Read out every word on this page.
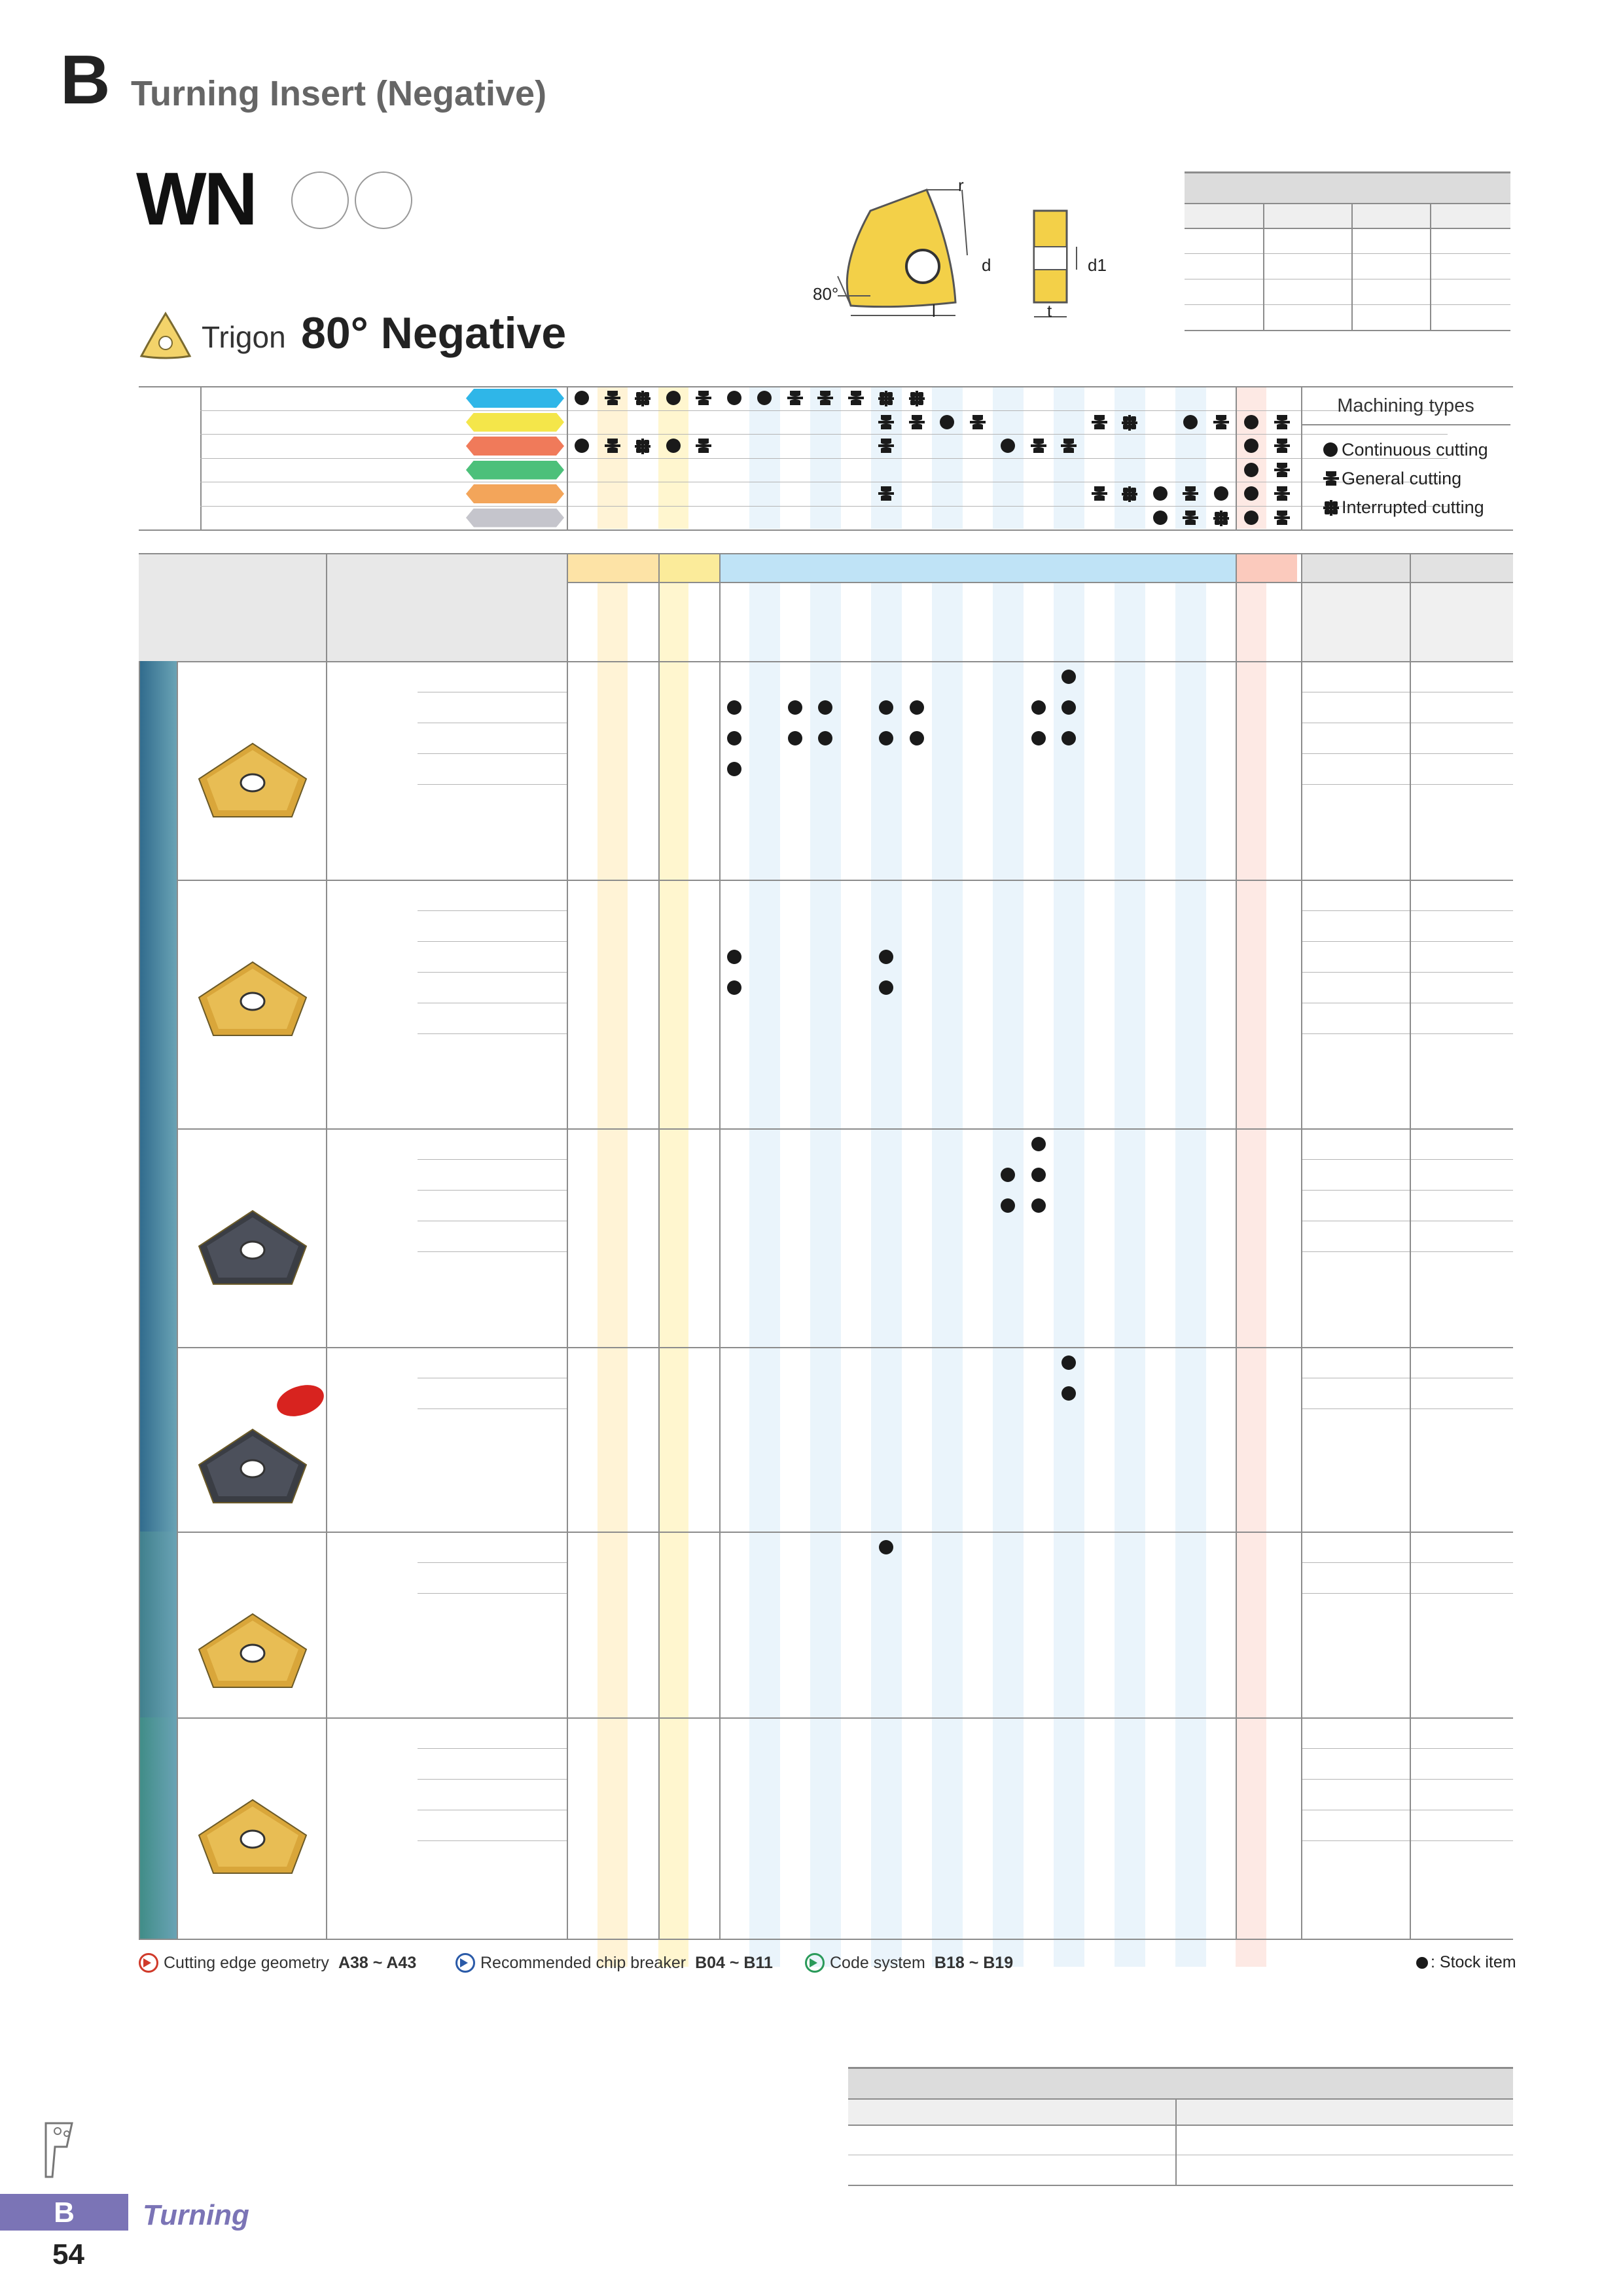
B Turning Insert (Negative)
WN
Trigon 80° Negative
r
d	d1
80°
l	t
Machining types
Continuous cutting
General cutting
Interrupted cutting
Cutting edge geometry A38 ~ A43	Recommended chip breaker B04 ~ B11	Code system B18 ~ B19	: Stock item
B	Turning
54
